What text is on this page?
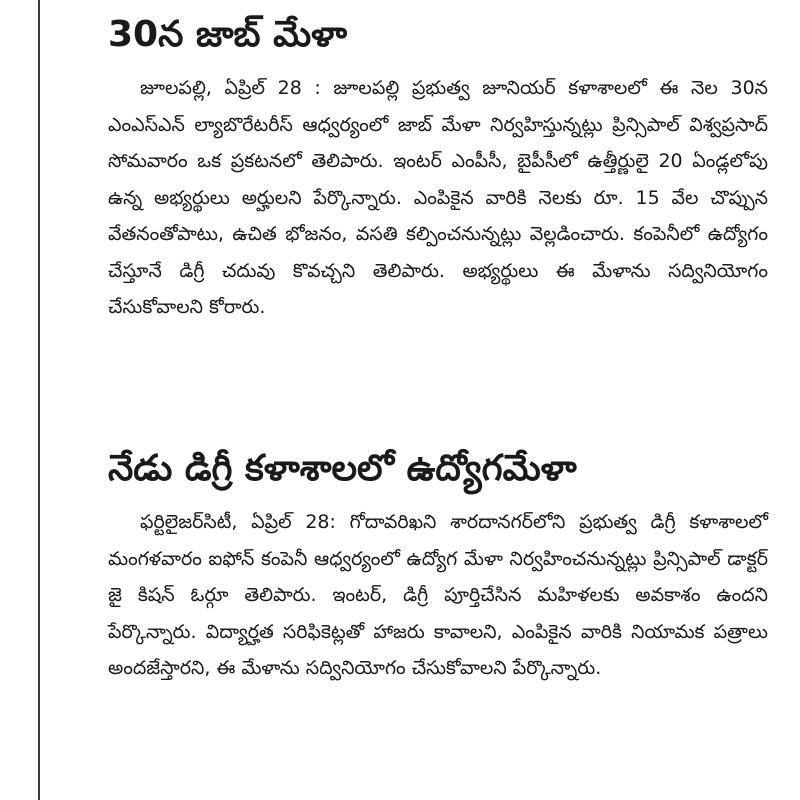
30న జాబ్ మేళా

జూలపల్లి, ఏప్రిల్ 28 : జూలపల్లి ప్రభుత్వ జూనియర్ కళాశాలలో ఈ నెల 30న ఎంఎస్ఎన్ ల్యాబొరేటరీస్ ఆధ్వర్యంలో జాబ్ మేళా నిర్వహిస్తున్నట్లు ప్రిన్సిపాల్ విశ్వప్రసాద్ సోమవారం ఒక ప్రకటనలో తెలిపారు. ఇంటర్ ఎంపీసీ, బైపీసీలో ఉత్తీర్ణులై 20 ఏండ్లలోపు ఉన్న అభ్యర్థులు అర్హులని పేర్కొన్నారు. ఎంపికైన వారికి నెలకు రూ. 15 వేల చొప్పున వేతనంతోపాటు, ఉచిత భోజనం, వసతి కల్పించనున్నట్లు వెల్లడించారు. కంపెనీలో ఉద్యోగం చేస్తూనే డిగ్రీ చదువు కొవచ్చని తెలిపారు. అభ్యర్థులు ఈ మేళాను సద్వినియోగం చేసుకోవాలని కోరారు.

నేడు డిగ్రీ కళాశాలలో ఉద్యోగమేళా

ఫర్టిలైజర్‌సిటీ, ఏప్రిల్ 28: గోదావరిఖని శారదానగర్‌లోని ప్రభుత్వ డిగ్రీ కళాశాలలో మంగళవారం ఐఫోన్ కంపెనీ ఆధ్వర్యంలో ఉద్యోగ మేళా నిర్వహించనున్నట్లు ప్రిన్సిపాల్ డాక్టర్ జై కిషన్ ఓర్గూ తెలిపారు. ఇంటర్, డిగ్రీ పూర్తిచేసిన మహిళలకు అవకాశం ఉందని పేర్కొన్నారు. విద్యార్హత సరిఫికెట్లతో హాజరు కావాలని, ఎంపికైన వారికి నియామక పత్రాలు అందజేస్తారని, ఈ మేళాను సద్వినియోగం చేసుకోవాలని పేర్కొన్నారు.
